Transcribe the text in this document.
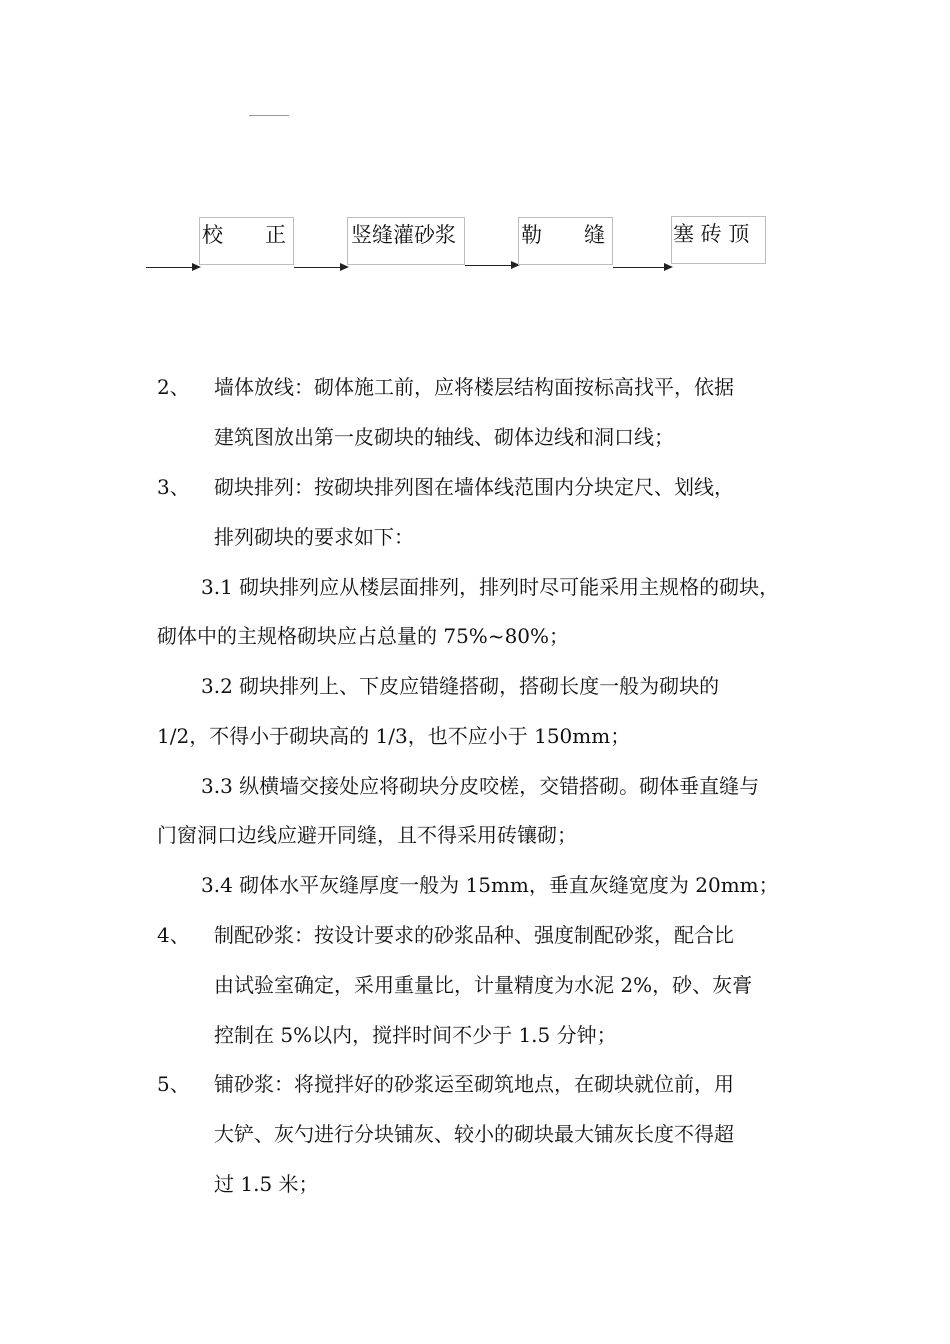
校　　正	竖缝灌砂浆	勒　　缝	塞 砖 顶
2、 墙体放线：砌体施工前，应将楼层结构面按标高找平，依据
建筑图放出第一皮砌块的轴线、砌体边线和洞口线；
3、 砌块排列：按砌块排列图在墙体线范围内分块定尺、划线，
排列砌块的要求如下：
3.1 砌块排列应从楼层面排列，排列时尽可能采用主规格的砌块，
砌体中的主规格砌块应占总量的 75%~80%；
3.2 砌块排列上、下皮应错缝搭砌，搭砌长度一般为砌块的
1/2，不得小于砌块高的 1/3，也不应小于 150mm；
3.3 纵横墙交接处应将砌块分皮咬槎，交错搭砌。砌体垂直缝与
门窗洞口边线应避开同缝，且不得采用砖镶砌；
3.4 砌体水平灰缝厚度一般为 15mm，垂直灰缝宽度为 20mm；
4、 制配砂浆：按设计要求的砂浆品种、强度制配砂浆，配合比
由试验室确定，采用重量比，计量精度为水泥 2%，砂、灰膏
控制在 5%以内，搅拌时间不少于 1.5 分钟；
5、 铺砂浆：将搅拌好的砂浆运至砌筑地点，在砌块就位前，用
大铲、灰勺进行分块铺灰、较小的砌块最大铺灰长度不得超
过 1.5 米；
